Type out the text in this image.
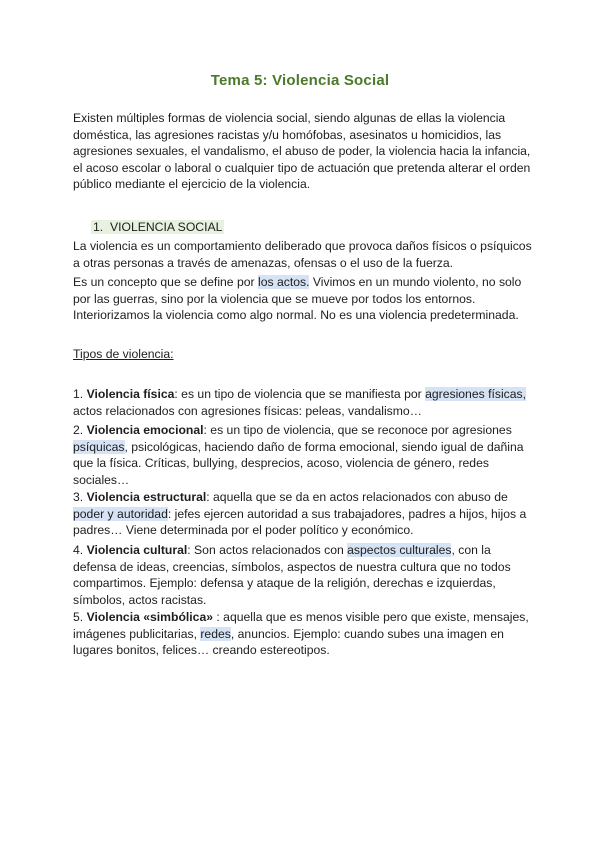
Tema 5: Violencia Social
Existen múltiples formas de violencia social, siendo algunas de ellas la violencia doméstica, las agresiones racistas y/u homófobas, asesinatos u homicidios, las agresiones sexuales, el vandalismo, el abuso de poder, la violencia hacia la infancia, el acoso escolar o laboral o cualquier tipo de actuación que pretenda alterar el orden público mediante el ejercicio de la violencia.
1. VIOLENCIA SOCIAL
La violencia es un comportamiento deliberado que provoca daños físicos o psíquicos a otras personas a través de amenazas, ofensas o el uso de la fuerza.
Es un concepto que se define por los actos. Vivimos en un mundo violento, no solo por las guerras, sino por la violencia que se mueve por todos los entornos. Interiorizamos la violencia como algo normal. No es una violencia predeterminada.
Tipos de violencia:
1. Violencia física: es un tipo de violencia que se manifiesta por agresiones físicas, actos relacionados con agresiones físicas: peleas, vandalismo…
2. Violencia emocional: es un tipo de violencia, que se reconoce por agresiones psíquicas, psicológicas, haciendo daño de forma emocional, siendo igual de dañina que la física. Críticas, bullying, desprecios, acoso, violencia de género, redes sociales…
3. Violencia estructural: aquella que se da en actos relacionados con abuso de poder y autoridad: jefes ejercen autoridad a sus trabajadores, padres a hijos, hijos a padres… Viene determinada por el poder político y económico.
4. Violencia cultural: Son actos relacionados con aspectos culturales, con la defensa de ideas, creencias, símbolos, aspectos de nuestra cultura que no todos compartimos. Ejemplo: defensa y ataque de la religión, derechas e izquierdas, símbolos, actos racistas.
5. Violencia «simbólica» : aquella que es menos visible pero que existe, mensajes, imágenes publicitarias, redes, anuncios. Ejemplo: cuando subes una imagen en lugares bonitos, felices… creando estereotipos.
